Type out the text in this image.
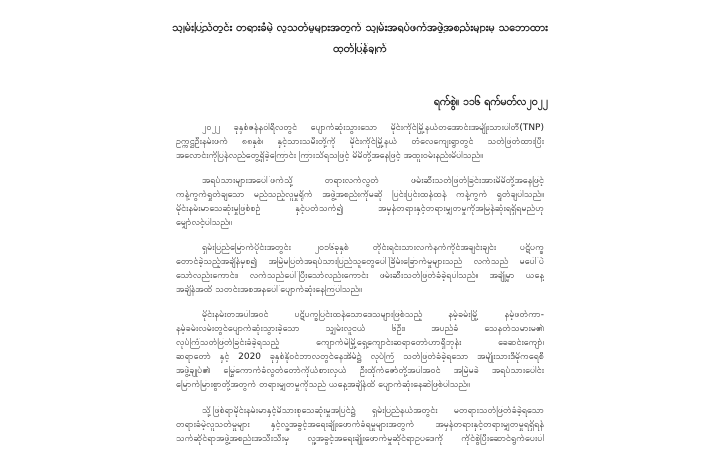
သျှမ်းပြည်တွင်း တရားခံမဲ့ လူသတ်မှုများအတွက် သျှမ်းအရပ်ဖက်အဖွဲ့အစည်းများမှ သဘောထား
ထုတ်ပြန်ချက်
ရက်စွဲ။ ၁၁၆ ရက်မတ်လ၂၀၂၂
၂၀၂၂ ခုနှစ်ဇန်နဝါရီလတွင် ပျောက်ဆုံးသွားသော မိုင်းကိုင်မြို့နယ်တအောင်းအမျိုးသားပါတီ(TNP)
ဥက္ကဋ္ဌဦးနမ်းဖက် ၈၈နှစ်၊ နှင့်သားသမီးတို့ကို မိုင်းကိုင်မြို့နယ် တံလေကျေးရွာတွင် သတ်ဖြတ်ထားပြီး
အလောင်းကိုပြန်လည်တွေ့ရှိခဲ့ကြောင်း ကြားသိရသဖြင့် မိမိတို့အနေဖြင့် အထူးဝမ်းနည်းမိပါသည်။
အရပ်သားများအပေါ်ဖက်သို့ တရားလက်လွတ် ဖမ်းဆီးသတ်ဖြတ်ခြင်းအားမိမိတို့အနေဖြင့်
ကန့်ကွက်ရှုတ်ချသော မည်သည့်လူမှုရိုက် အဖွဲ့အစည်းကိုမဆို ပြင်းပြင်းထန်ထန် ကန့်ကွက် ရှုတ်ချပါသည်။
မိုင်းနမ်းမာသေဆုံးမှုဖြစ်စဉ် နှင့်ပတ်သက်၍ အမှန်တရားနှင့်တရားမျှတမှုကိုအမြန်ဆုံးရရှိရမည်ဟု
မျှော်လင့်ပါသည်။
ရှမ်းပြည်မြောက်ပိုင်းအတွင်း ၂၀၁၆ခုနှစ် တိုင်းရင်းသားလက်နက်ကိုင်အချင်းချင်း ပဋိပက္ခ
တောင်ခဲ့သည့်အချိန်မှစ၍ အမြဲမပြတ်အရပ်သားပြည်သူတွေပေါ်ခြိမ်းခြောက်မှုများသည် လက်သည် မပေါ်ပဲ
သော်လည်းကောင်း၊ လက်သည်ပေါ်ပြီးသော်လည်းကောင်း ဖမ်းဆီးသတ်ဖြတ်ခံခဲ့ရပါသည်။ အချို့မှာ ယနေ့
အချိန်အထိ သတင်းအစအနပေါ်ပျောက်ဆုံးနေကြပါသည်။
မိုင်းနမ်းတအပါအဝင် ပဋိပက္ခပြင်းထန်သောဒေသများဖြစ်သည့် နမ့်ခမ်းမြို့ နမ့်ဖတ်ကာ-
နမ့်ခမ်းလမ်းတွင်ပျောက်ဆုံးသွားခဲ့သော သျှမ်းလူငယ် ၆ဦး၊ အပည်ခံ သေနတ်သမားမ၏
လုပ်ကြံသတ်ဖြတ်ခြင်းခံခဲ့ရသည့် ကျောက်မဲမြို့ရှေ့ကျောင်းဆရာတော်ဟာရှီဘုန်း ခေဆင်းကျော်၊
ဆရာတော် နှင့် 2020 ခုနှစ်နိုဝင်ဘာလတွင်နေအိမ်၌ လုပ်ကြံ သတ်ဖြတ်ခံခဲ့ရသော အမျိုးသားဒီမိုကရေစီ
အဖွဲ့ချုပ်၏ မြွေကောက်ခံလွတ်တော်ကိုယ်စားလှယ် ဦးထိုက်ဇော်တို့အပါအဝင် အမြဲမခဲ အရပ်သားပေါင်း
မြောက်မြားစွာတို့အတွက် တရားမျှတမှုကိုသည် ယနေ့အချိန်ထိ ပျောက်ဆုံးနေဆဲဖြစ်ပါသည်။
သို့ဖြစ်ရာမိုင်းနမ်းမာနှင့်မိသားစုသေဆုံးမှုအပြင်၌ ရှမ်းပြည်နယ်အတွင်း မတရားသတ်ဖြတ်ခံခဲ့ရသော
တရားခံမဲ့လူသတ်မှုများ နှင့်လူ့အခွင့်အရေးချိုးဖောက်ခံရမှုများအတွက် အမှန်တရားနှင့်တရားမျှတမှုရရှိရန်
သက်ဆိုင်ရာအဖွဲ့အစည်းအသီးသီးမှ လူ့အခွင့်အရေးချိုးဖောက်မှုဆိုင်ရာဥပဒေကို ကိုင်စွဲပြီးဆောင်ရွက်ပေးပါ
